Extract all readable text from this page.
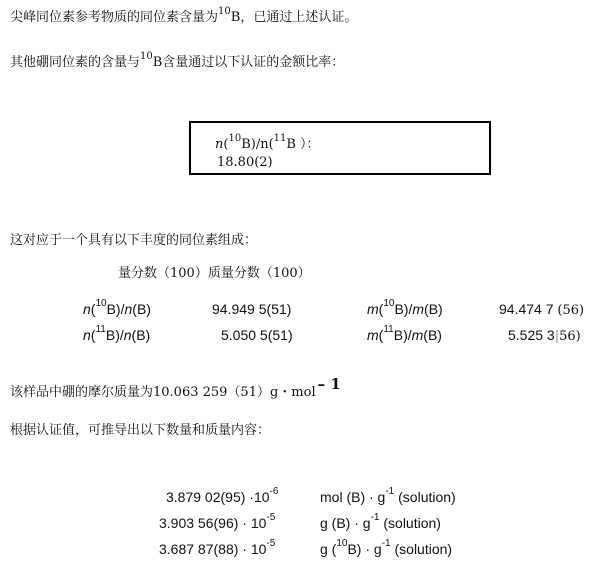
尖峰同位素参考物质的同位素含量为$^{10}$B，已通过上述认证。
其他硼同位素的含量与$^{10}$B含量通过以下认证的金额比率：
n($^{10}$B)/n($^{11}$B ）：
18.80(2)
这对应于一个具有以下丰度的同位素组成：
量分数（100）质量分数（100）
n($^{10}$B)/n(B)	94.949 5(51)	m($^{10}$B)/m(B)	94.474 7 (56)
n($^{11}$B)/n(B)	5.050 5(51)	m($^{11}$B)/m(B)	5.525 3|56)
该样品中硼的摩尔质量为10.063 259（51）g・mol – 1
根据认证值，可推导出以下数量和质量内容：
3.879 $02(95) \cdot 10^{-6}$	mol $(B) \cdot g^{-1}$ (solution)
3.903 $56(96) \cdot 10^{-5}$	g $(B) \cdot g^{-1}$ (solution)
3.687 $87(88) \cdot 10^{-5}$	g $(^{10}B) \cdot g^{-1}$ (solution)
